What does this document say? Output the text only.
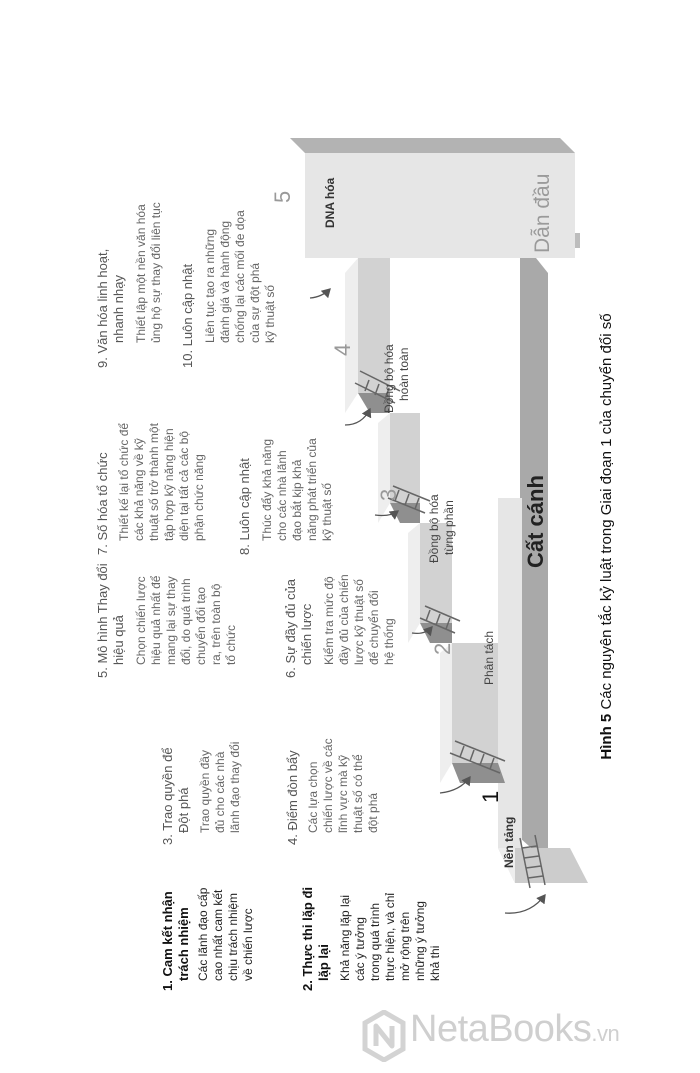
1
Nền tảng
2 Phân tách
3 Đồng bộ hóa từng phần
4 Đồng bộ hóa hoàn toàn
5 DNA hóa
Cất cánh
Dẫn đầu
1. Cam kết nhận trách nhiệm Các lãnh đạo cấp cao nhất cam kết chịu trách nhiệm về chiến lược	2. Thực thi lặp đi lặp lại Khả năng lặp lại các ý tưởng trong quá trình thực hiện, và chỉ mở rộng trên những ý tưởng khả thi
3. Trao quyền để Đột phá Trao quyền đầy đủ cho các nhà lãnh đạo thay đổi	4. Điểm đòn bẩy Các lựa chọn chiến lược về các lĩnh vực mà kỹ thuật số có thể đột phá
5. Mô hình Thay đổi hiệu quả Chọn chiến lược hiệu quả nhất để mang lại sự thay đổi, do quá trình chuyển đổi tạo ra, trên toàn bộ tổ chức	6. Sự đầy đủ của chiến lược Kiểm tra mức độ đầy đủ của chiến lược kỹ thuật số để chuyển đổi hệ thống
7. Số hóa tổ chức Thiết kế lại tổ chức để các khả năng về kỹ thuật số trở thành một tập hợp kỹ năng hiện diện tại tất cả các bộ phận chức năng 8. Luôn cập nhật Thúc đẩy khả năng cho các nhà lãnh đạo bắt kịp khả năng phát triển của kỹ thuật số
9. Văn hóa linh hoạt, nhanh nhạy Thiết lập một nền văn hóa ủng hộ sự thay đổi liên tục 10. Luôn cập nhật Liên tục tạo ra những đánh giá và hành động chống lại các mối đe dọa của sự đột phá kỹ thuật số

Hình 5 Các nguyên tắc kỷ luật trong Giai đoạn 1 của chuyển đổi số

NetaBooks.vn
